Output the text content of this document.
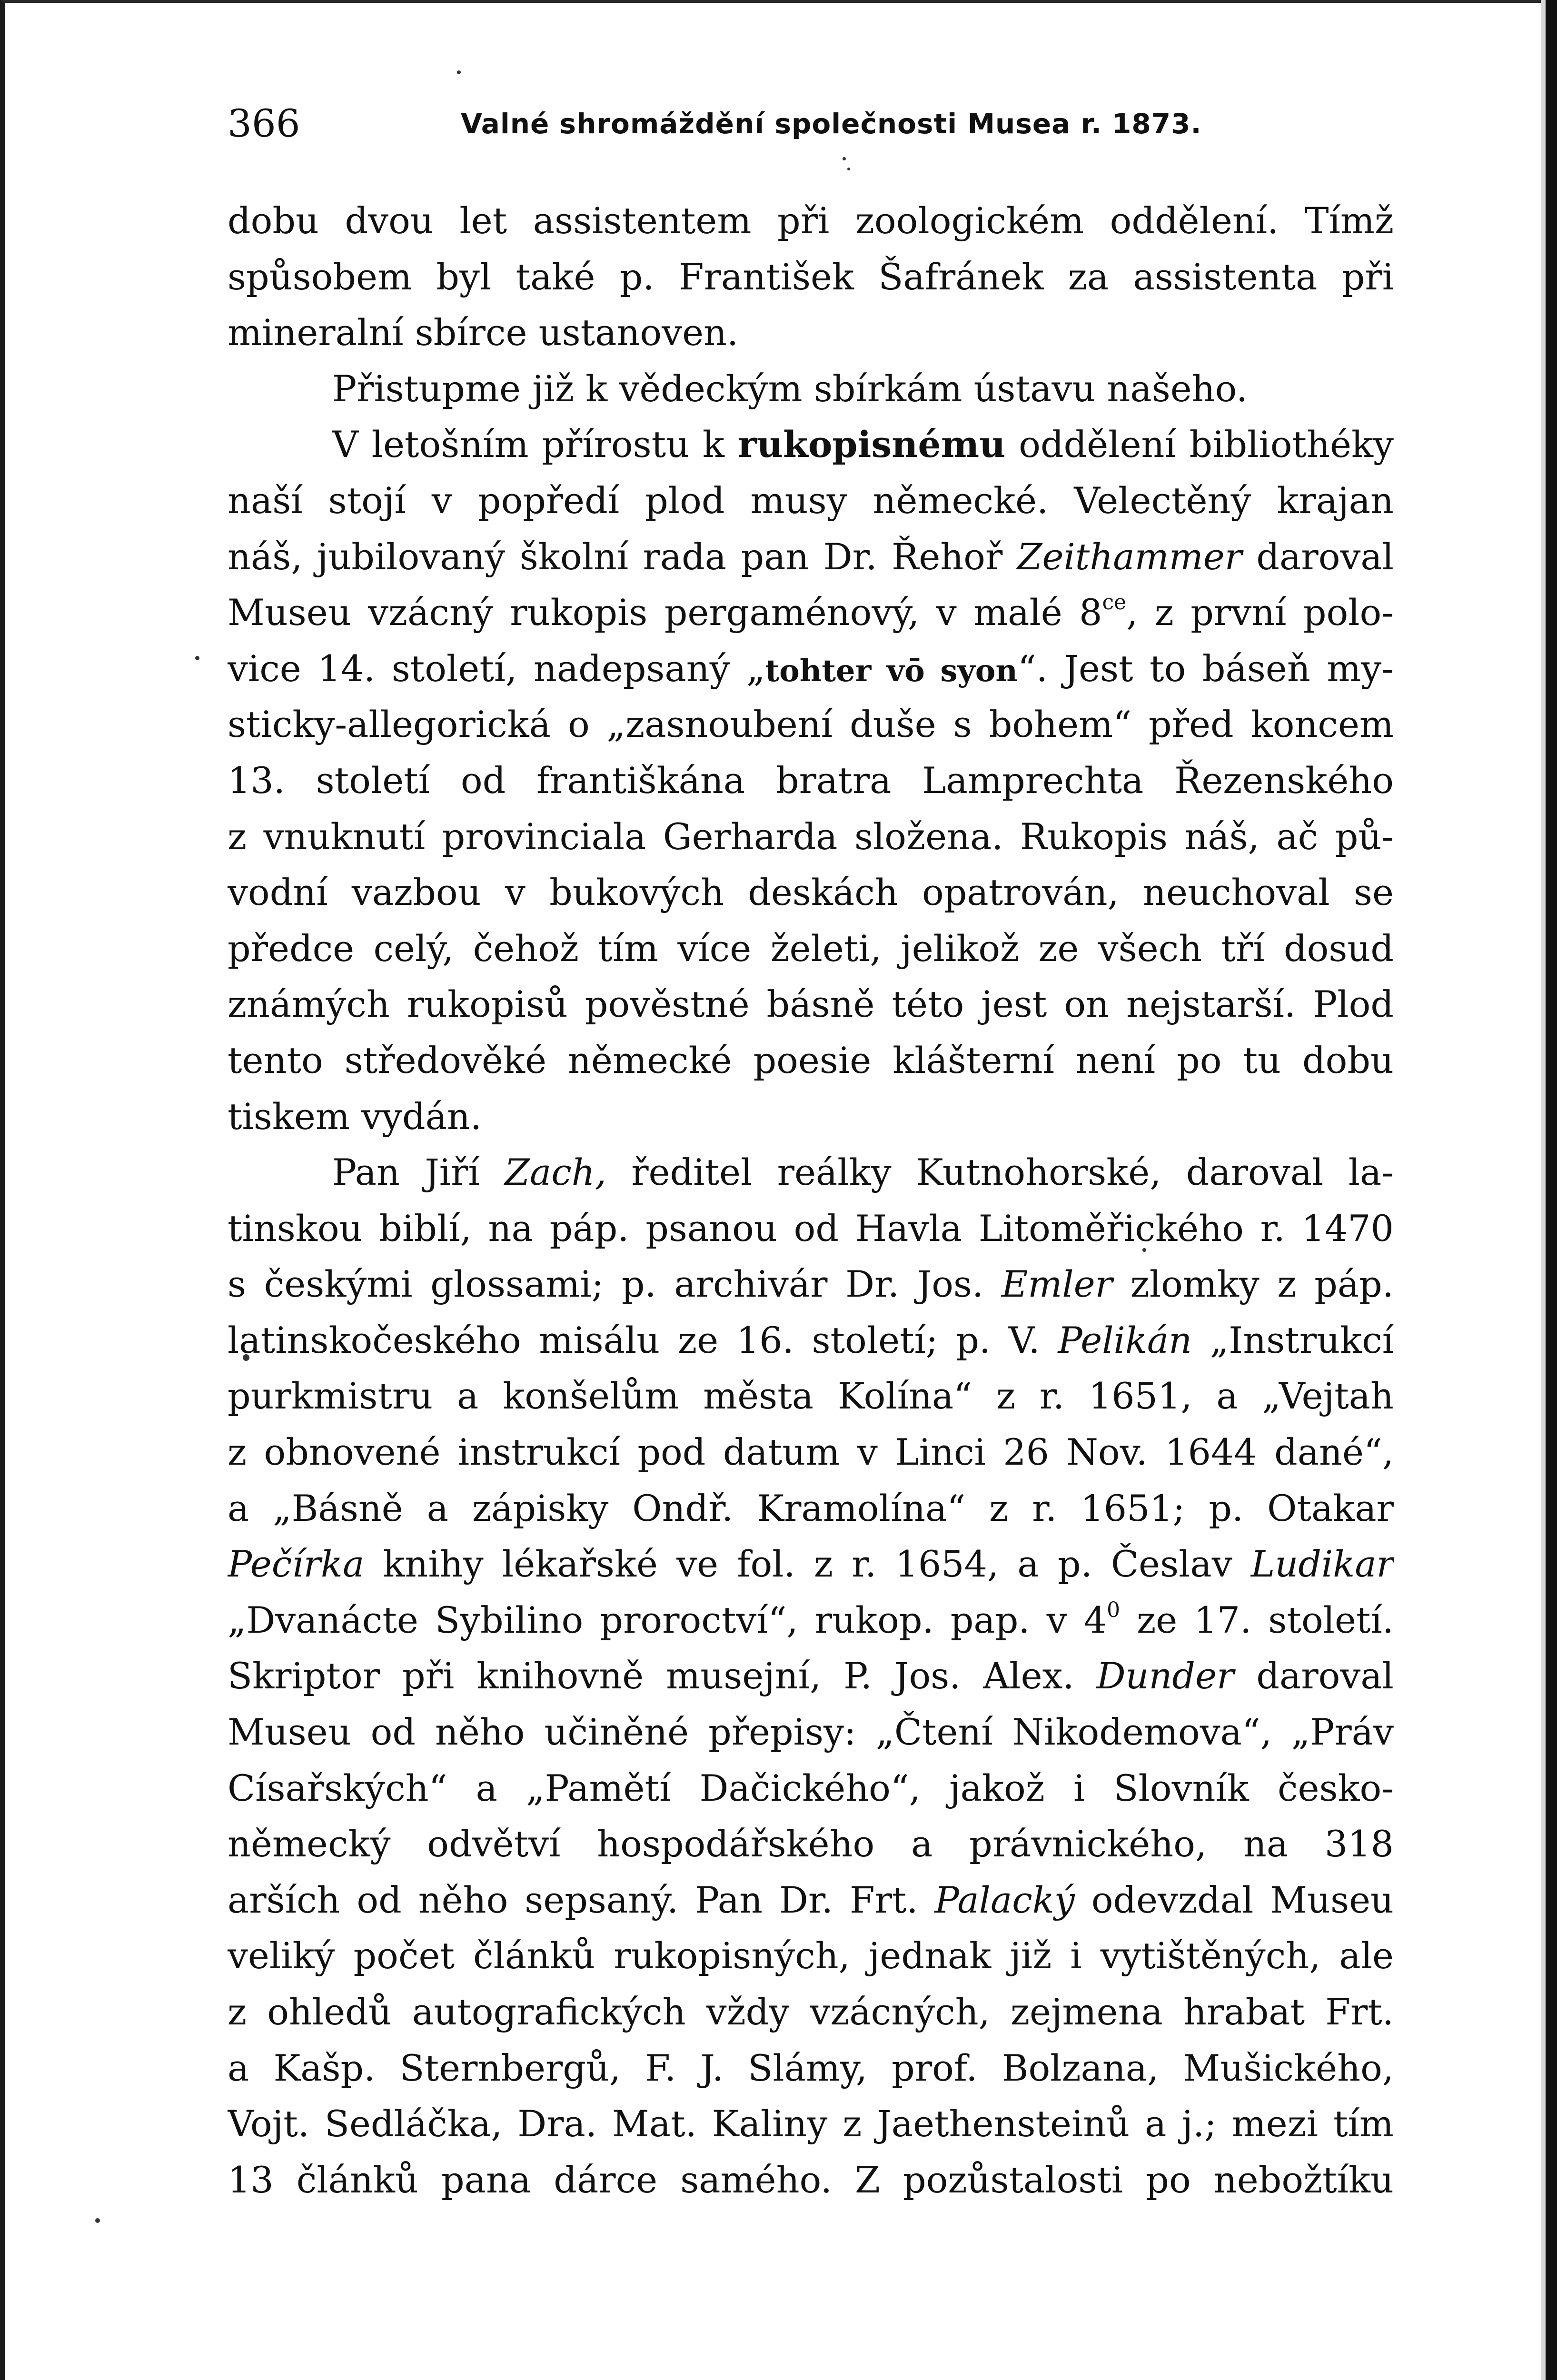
366	Valné shromáždění společnosti Musea r. 1873.
dobu dvou let assistentem při zoologickém oddělení. Tímž
spůsobem byl také p. František Šafránek za assistenta při
mineralní sbírce ustanoven.
Přistupme již k vědeckým sbírkám ústavu našeho.
V letošním přírostu k rukopisnému oddělení bibliothéky
naší stojí v popředí plod musy německé. Velectěný krajan
náš, jubilovaný školní rada pan Dr. Řehoř Zeithammer daroval
Museu vzácný rukopis pergaménový, v malé $8^{ce}$, z první polo-
vice 14. století, nadepsaný „tohter vō syon“. Jest to báseň my-
sticky-allegorická o „zasnoubení duše s bohem“ před koncem
13. století od františkána bratra Lamprechta Řezenského
z vnuknutí provinciala Gerharda složena. Rukopis náš, ač pů-
vodní vazbou v bukových deskách opatrován, neuchoval se
předce celý, čehož tím více želeti, jelikož ze všech tří dosud
známých rukopisů pověstné básně této jest on nejstarší. Plod
tento středověké německé poesie klášterní není po tu dobu
tiskem vydán.
Pan Jiří Zach, ředitel reálky Kutnohorské, daroval la-
tinskou biblí, na páp. psanou od Havla Litoměřického r. 1470
s českými glossami; p. archivár Dr. Jos. Emler zlomky z páp.
latinskočeského misálu ze 16. století; p. V. Pelikán „Instrukcí
purkmistru a konšelům města Kolína“ z r. 1651, a „Vejtah
z obnovené instrukcí pod datum v Linci 26 Nov. 1644 dané“,
a „Básně a zápisky Ondř. Kramolína“ z r. 1651; p. Otakar
Pečírka knihy lékařské ve fol. z r. 1654, a p. Česlav Ludikar
„Dvanácte Sybilino proroctví“, rukop. pap. v $4^0$ ze 17. století.
Skriptor při knihovně musejní, P. Jos. Alex. Dunder daroval
Museu od něho učiněné přepisy: „Čtení Nikodemova“, „Práv
Císařských“ a „Pamětí Dačického“, jakož i Slovník česko-
německý odvětví hospodářského a právnického, na 318
arších od něho sepsaný. Pan Dr. Frt. Palacký odevzdal Museu
veliký počet článků rukopisných, jednak již i vytištěných, ale
z ohledů autografických vždy vzácných, zejmena hrabat Frt.
a Kašp. Sternbergů, F. J. Slámy, prof. Bolzana, Mušického,
Vojt. Sedláčka, Dra. Mat. Kaliny z Jaethensteinů a j.; mezi tím
13 článků pana dárce samého. Z pozůstalosti po nebožtíku
